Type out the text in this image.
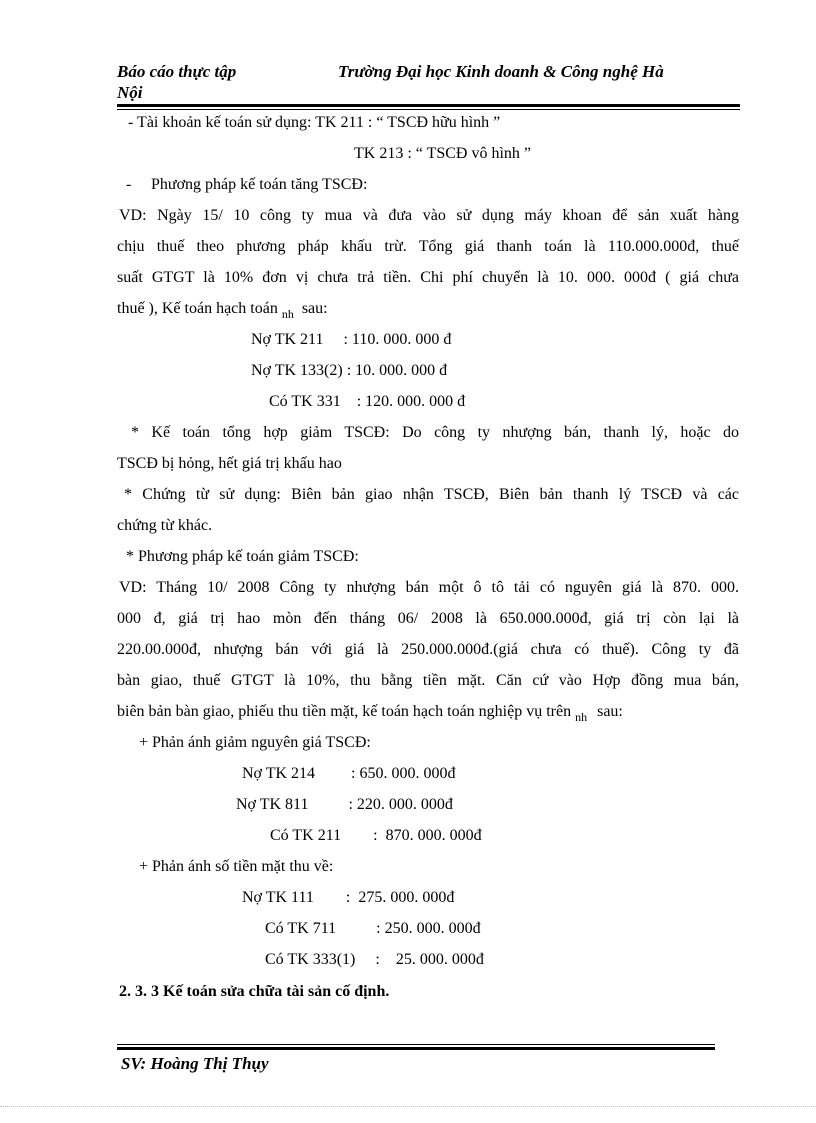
Báo cáo thực tập	Trường Đại học Kinh doanh & Công nghệ Hà
Nội
- Tài khoản kế toán sử dụng: TK 211 : “ TSCĐ hữu hình ”
TK 213 : “ TSCĐ vô hình ”
- Phương pháp kế toán tăng TSCĐ:
VD: Ngày 15/ 10 công ty mua và đưa vào sử dụng máy khoan để sản xuất hàng
chịu thuế theo phương pháp khấu trừ. Tổng giá thanh toán là 110.000.000đ, thuế
suất GTGT là 10% đơn vị chưa trả tiền. Chi phí chuyển là 10. 000. 000đ ( giá chưa
thuế ), Kế toán hạch toán $_{nh}$ sau:
Nợ TK 211     : 110. 000. 000 đ
Nợ TK 133(2) : 10. 000. 000 đ
Có TK 331    : 120. 000. 000 đ
* Kế toán tổng hợp giảm TSCĐ: Do công ty nhượng bán, thanh lý, hoặc do
TSCĐ bị hỏng, hết giá trị khấu hao
* Chứng từ sử dụng: Biên bản giao nhận TSCĐ, Biên bản thanh lý TSCĐ và các
chứng từ khác.
* Phương pháp kế toán giảm TSCĐ:
VD: Tháng 10/ 2008 Công ty nhượng bán một ô tô tải có nguyên giá là 870. 000.
000 đ, giá trị hao mòn đến tháng 06/ 2008 là 650.000.000đ, giá trị còn lại là
220.00.000đ, nhượng bán với giá là 250.000.000đ.(giá chưa có thuế). Công ty đã
bàn giao, thuế GTGT là 10%, thu bằng tiền mặt. Căn cứ vào Hợp đồng mua bán,
biên bản bàn giao, phiếu thu tiền mặt, kế toán hạch toán nghiệp vụ trên $_{nh}$ sau:
+ Phản ánh giảm nguyên giá TSCĐ:
Nợ TK 214         : 650. 000. 000đ
Nợ TK 811          : 220. 000. 000đ
Có TK 211        :  870. 000. 000đ
+ Phản ánh số tiền mặt thu về:
Nợ TK 111        :  275. 000. 000đ
Có TK 711          : 250. 000. 000đ
Có TK 333(1)     :    25. 000. 000đ
2. 3. 3 Kế toán sửa chữa tài sản cố định.
SV: Hoàng Thị Thụy
